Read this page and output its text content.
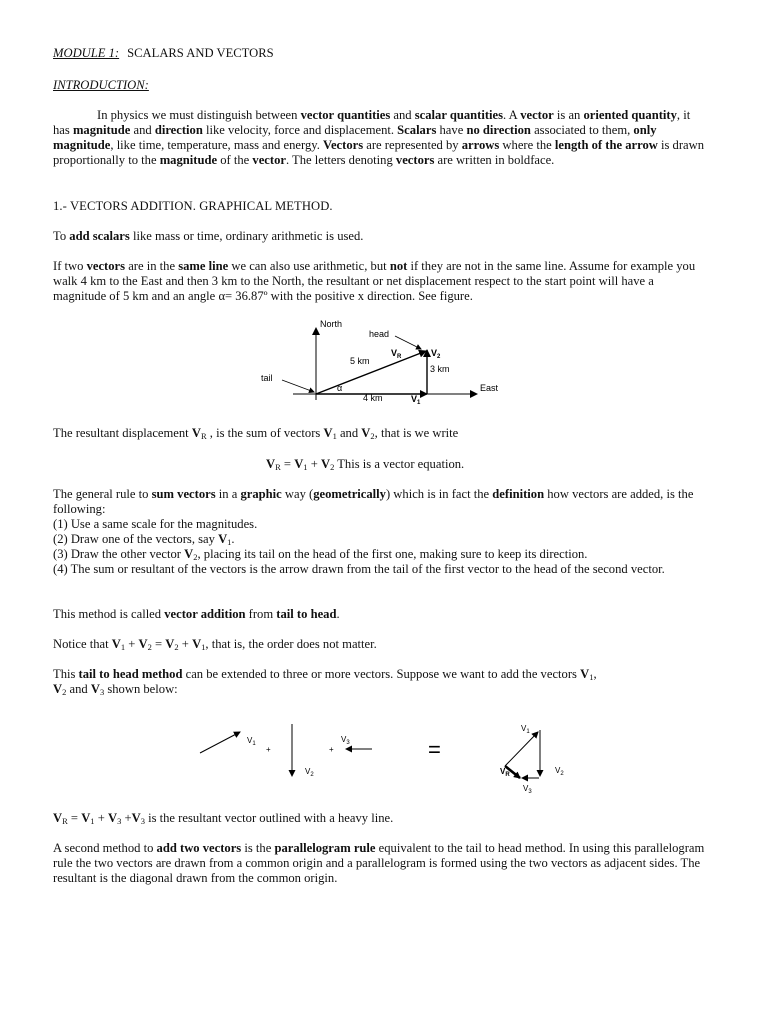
MODULE 1: SCALARS AND VECTORS

INTRODUCTION:

In physics we must distinguish between vector quantities and scalar quantities. A vector is an oriented quantity, it has magnitude and direction like velocity, force and displacement. Scalars have no direction associated to them, only magnitude, like time, temperature, mass and energy. Vectors are represented by arrows where the length of the arrow is drawn proportionally to the magnitude of the vector. The letters denoting vectors are written in boldface.

1.- VECTORS ADDITION. GRAPHICAL METHOD.

To add scalars like mass or time, ordinary arithmetic is used.

If two vectors are in the same line we can also use arithmetic, but not if they are not in the same line. Assume for example you walk 4 km to the East and then 3 km to the North, the resultant or net displacement respect to the start point will have a magnitude of 5 km and an angle α= 36.87º with the positive x direction. See figure.

North
East
head
tail
5 km
3 km
4 km
α
$V_R$	$V_2$
$V_1$

The resultant displacement $V_R$ , is the sum of vectors $V_1$ and $V_2$, that is we write

$V_R = V_1 + V_2$ This is a vector equation.

The general rule to sum vectors in a graphic way (geometrically) which is in fact the definition how vectors are added, is the following:
(1) Use a same scale for the magnitudes.
(2) Draw one of the vectors, say $V_1$.
(3) Draw the other vector $V_2$, placing its tail on the head of the first one, making sure to keep its direction.
(4) The sum or resultant of the vectors is the arrow drawn from the tail of the first vector to the head of the second vector.

This method is called vector addition from tail to head.

Notice that $V_1 + V_2 = V_2 + V_1$, that is, the order does not matter.

This tail to head method can be extended to three or more vectors. Suppose we want to add the vectors $V_1$,
$V_2$ and $V_3$ shown below:

$V_1$
+
$V_2$
+
$V_3$	=
$V_1$
$V_2$
$V_3$
$V_R$

$V_R = V_1 + V_3 +V_3$ is the resultant vector outlined with a heavy line.

A second method to add two vectors is the parallelogram rule equivalent to the tail to head method. In using this parallelogram rule the two vectors are drawn from a common origin and a parallelogram is formed using the two vectors as adjacent sides. The resultant is the diagonal drawn from the common origin.
